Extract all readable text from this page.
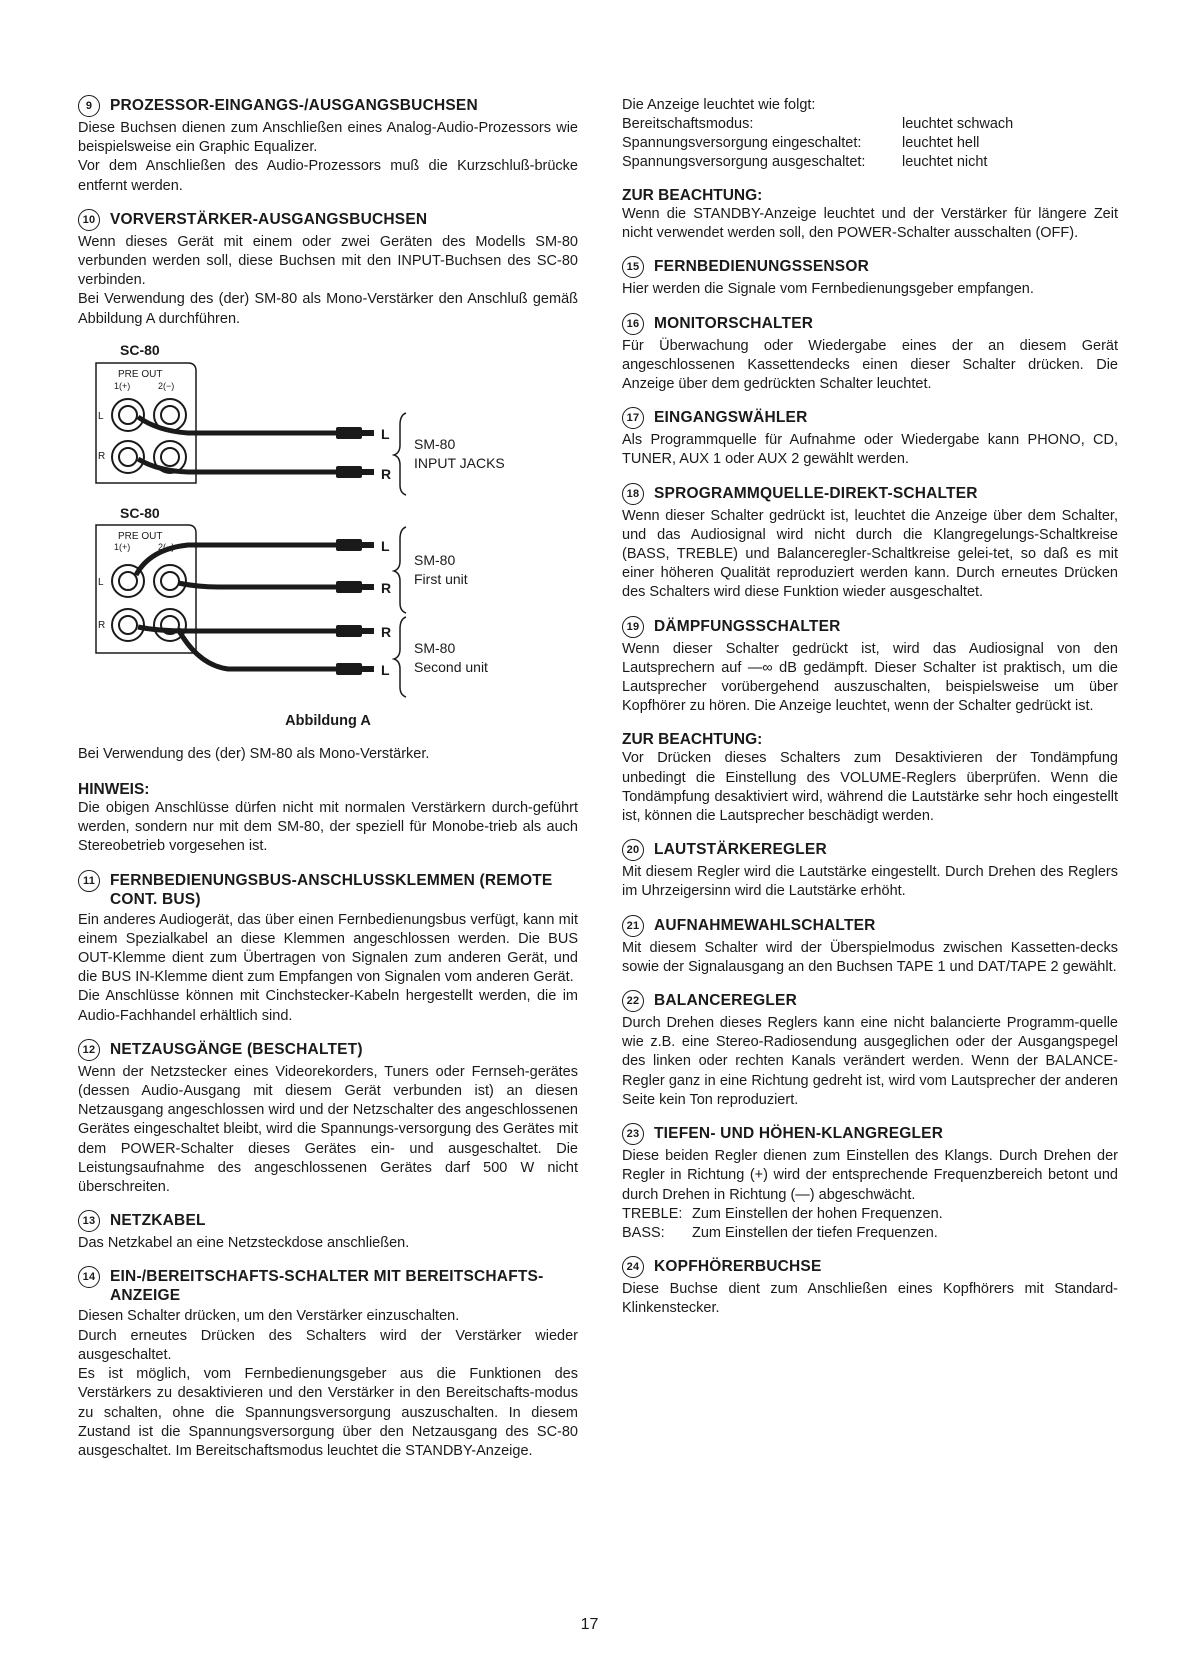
9	PROZESSOR-EINGANGS-/AUSGANGSBUCHSEN

Diese Buchsen dienen zum Anschließen eines Analog-Audio-Prozessors wie beispielsweise ein Graphic Equalizer.
Vor dem Anschließen des Audio-Prozessors muß die Kurzschluß-brücke entfernt werden.

10 VORVERSTÄRKER-AUSGANGSBUCHSEN

Wenn dieses Gerät mit einem oder zwei Geräten des Modells SM-80 verbunden werden soll, diese Buchsen mit den INPUT-Buchsen des SC-80 verbinden.
Bei Verwendung des (der) SM-80 als Mono-Verstärker den Anschluß gemäß Abbildung A durchführen.

SC-80
PRE OUT
1(+)	2(−)
L
R
L
R
SM-80
INPUT JACKS
SC-80
PRE OUT
1(+)	2(−)
L
R
L
R
R
L
SM-80
First unit
SM-80
Second unit
Abbildung A

Bei Verwendung des (der) SM-80 als Mono-Verstärker.

HINWEIS:

Die obigen Anschlüsse dürfen nicht mit normalen Verstärkern durch-geführt werden, sondern nur mit dem SM-80, der speziell für Monobe-trieb als auch Stereobetrieb vorgesehen ist.

11 FERNBEDIENUNGSBUS-ANSCHLUSSKLEMMEN (REMOTE CONT. BUS)

Ein anderes Audiogerät, das über einen Fernbedienungsbus verfügt, kann mit einem Spezialkabel an diese Klemmen angeschlossen werden. Die BUS OUT-Klemme dient zum Übertragen von Signalen zum anderen Gerät, und die BUS IN-Klemme dient zum Empfangen von Signalen vom anderen Gerät.
Die Anschlüsse können mit Cinchstecker-Kabeln hergestellt werden, die im Audio-Fachhandel erhältlich sind.

12 NETZAUSGÄNGE (BESCHALTET)

Wenn der Netzstecker eines Videorekorders, Tuners oder Fernseh-gerätes (dessen Audio-Ausgang mit diesem Gerät verbunden ist) an diesen Netzausgang angeschlossen wird und der Netzschalter des angeschlossenen Gerätes eingeschaltet bleibt, wird die Spannungs-versorgung des Gerätes mit dem POWER-Schalter dieses Gerätes ein- und ausgeschaltet. Die Leistungsaufnahme des angeschlossenen Gerätes darf 500 W nicht überschreiten.

13 NETZKABEL

Das Netzkabel an eine Netzsteckdose anschließen.

14 EIN-/BEREITSCHAFTS-SCHALTER MIT BEREITSCHAFTS-ANZEIGE

Diesen Schalter drücken, um den Verstärker einzuschalten.
Durch erneutes Drücken des Schalters wird der Verstärker wieder ausgeschaltet.
Es ist möglich, vom Fernbedienungsgeber aus die Funktionen des Verstärkers zu desaktivieren und den Verstärker in den Bereitschafts-modus zu schalten, ohne die Spannungsversorgung auszuschalten. In diesem Zustand ist die Spannungsversorgung über den Netzausgang des SC-80 ausgeschaltet. Im Bereitschaftsmodus leuchtet die STANDBY-Anzeige.

Die Anzeige leuchtet wie folgt:
Bereitschaftsmodus:	leuchtet schwach
Spannungsversorgung eingeschaltet:	leuchtet hell
Spannungsversorgung ausgeschaltet:	leuchtet nicht
ZUR BEACHTUNG:

Wenn die STANDBY-Anzeige leuchtet und der Verstärker für längere Zeit nicht verwendet werden soll, den POWER-Schalter ausschalten (OFF).

15 FERNBEDIENUNGSSENSOR

Hier werden die Signale vom Fernbedienungsgeber empfangen.

16 MONITORSCHALTER

Für Überwachung oder Wiedergabe eines der an diesem Gerät angeschlossenen Kassettendecks einen dieser Schalter drücken. Die Anzeige über dem gedrückten Schalter leuchtet.

17 EINGANGSWÄHLER

Als Programmquelle für Aufnahme oder Wiedergabe kann PHONO, CD, TUNER, AUX 1 oder AUX 2 gewählt werden.

18 SPROGRAMMQUELLE-DIREKT-SCHALTER

Wenn dieser Schalter gedrückt ist, leuchtet die Anzeige über dem Schalter, und das Audiosignal wird nicht durch die Klangregelungs-Schaltkreise (BASS, TREBLE) und Balanceregler-Schaltkreise gelei-tet, so daß es mit einer höheren Qualität reproduziert werden kann. Durch erneutes Drücken des Schalters wird diese Funktion wieder ausgeschaltet.

19 DÄMPFUNGSSCHALTER

Wenn dieser Schalter gedrückt ist, wird das Audiosignal von den Lautsprechern auf —∞ dB gedämpft. Dieser Schalter ist praktisch, um die Lautsprecher vorübergehend auszuschalten, beispielsweise um über Kopfhörer zu hören. Die Anzeige leuchtet, wenn der Schalter gedrückt ist.

ZUR BEACHTUNG:

Vor Drücken dieses Schalters zum Desaktivieren der Tondämpfung unbedingt die Einstellung des VOLUME-Reglers überprüfen. Wenn die Tondämpfung desaktiviert wird, während die Lautstärke sehr hoch eingestellt ist, können die Lautsprecher beschädigt werden.

20 LAUTSTÄRKEREGLER

Mit diesem Regler wird die Lautstärke eingestellt. Durch Drehen des Reglers im Uhrzeigersinn wird die Lautstärke erhöht.

21 AUFNAHMEWAHLSCHALTER

Mit diesem Schalter wird der Überspielmodus zwischen Kassetten-decks sowie der Signalausgang an den Buchsen TAPE 1 und DAT/TAPE 2 gewählt.

22 BALANCEREGLER

Durch Drehen dieses Reglers kann eine nicht balancierte Programm-quelle wie z.B. eine Stereo-Radiosendung ausgeglichen oder der Ausgangspegel des linken oder rechten Kanals verändert werden. Wenn der BALANCE-Regler ganz in eine Richtung gedreht ist, wird vom Lautsprecher der anderen Seite kein Ton reproduziert.

23 TIEFEN- UND HÖHEN-KLANGREGLER

Diese beiden Regler dienen zum Einstellen des Klangs. Durch Drehen der Regler in Richtung (+) wird der entsprechende Frequenzbereich betont und durch Drehen in Richtung (—) abgeschwächt.

TREBLE: Zum Einstellen der hohen Frequenzen.
BASS:	Zum Einstellen der tiefen Frequenzen.
24 KOPFHÖRERBUCHSE

Diese Buchse dient zum Anschließen eines Kopfhörers mit Standard-Klinkenstecker.

17
